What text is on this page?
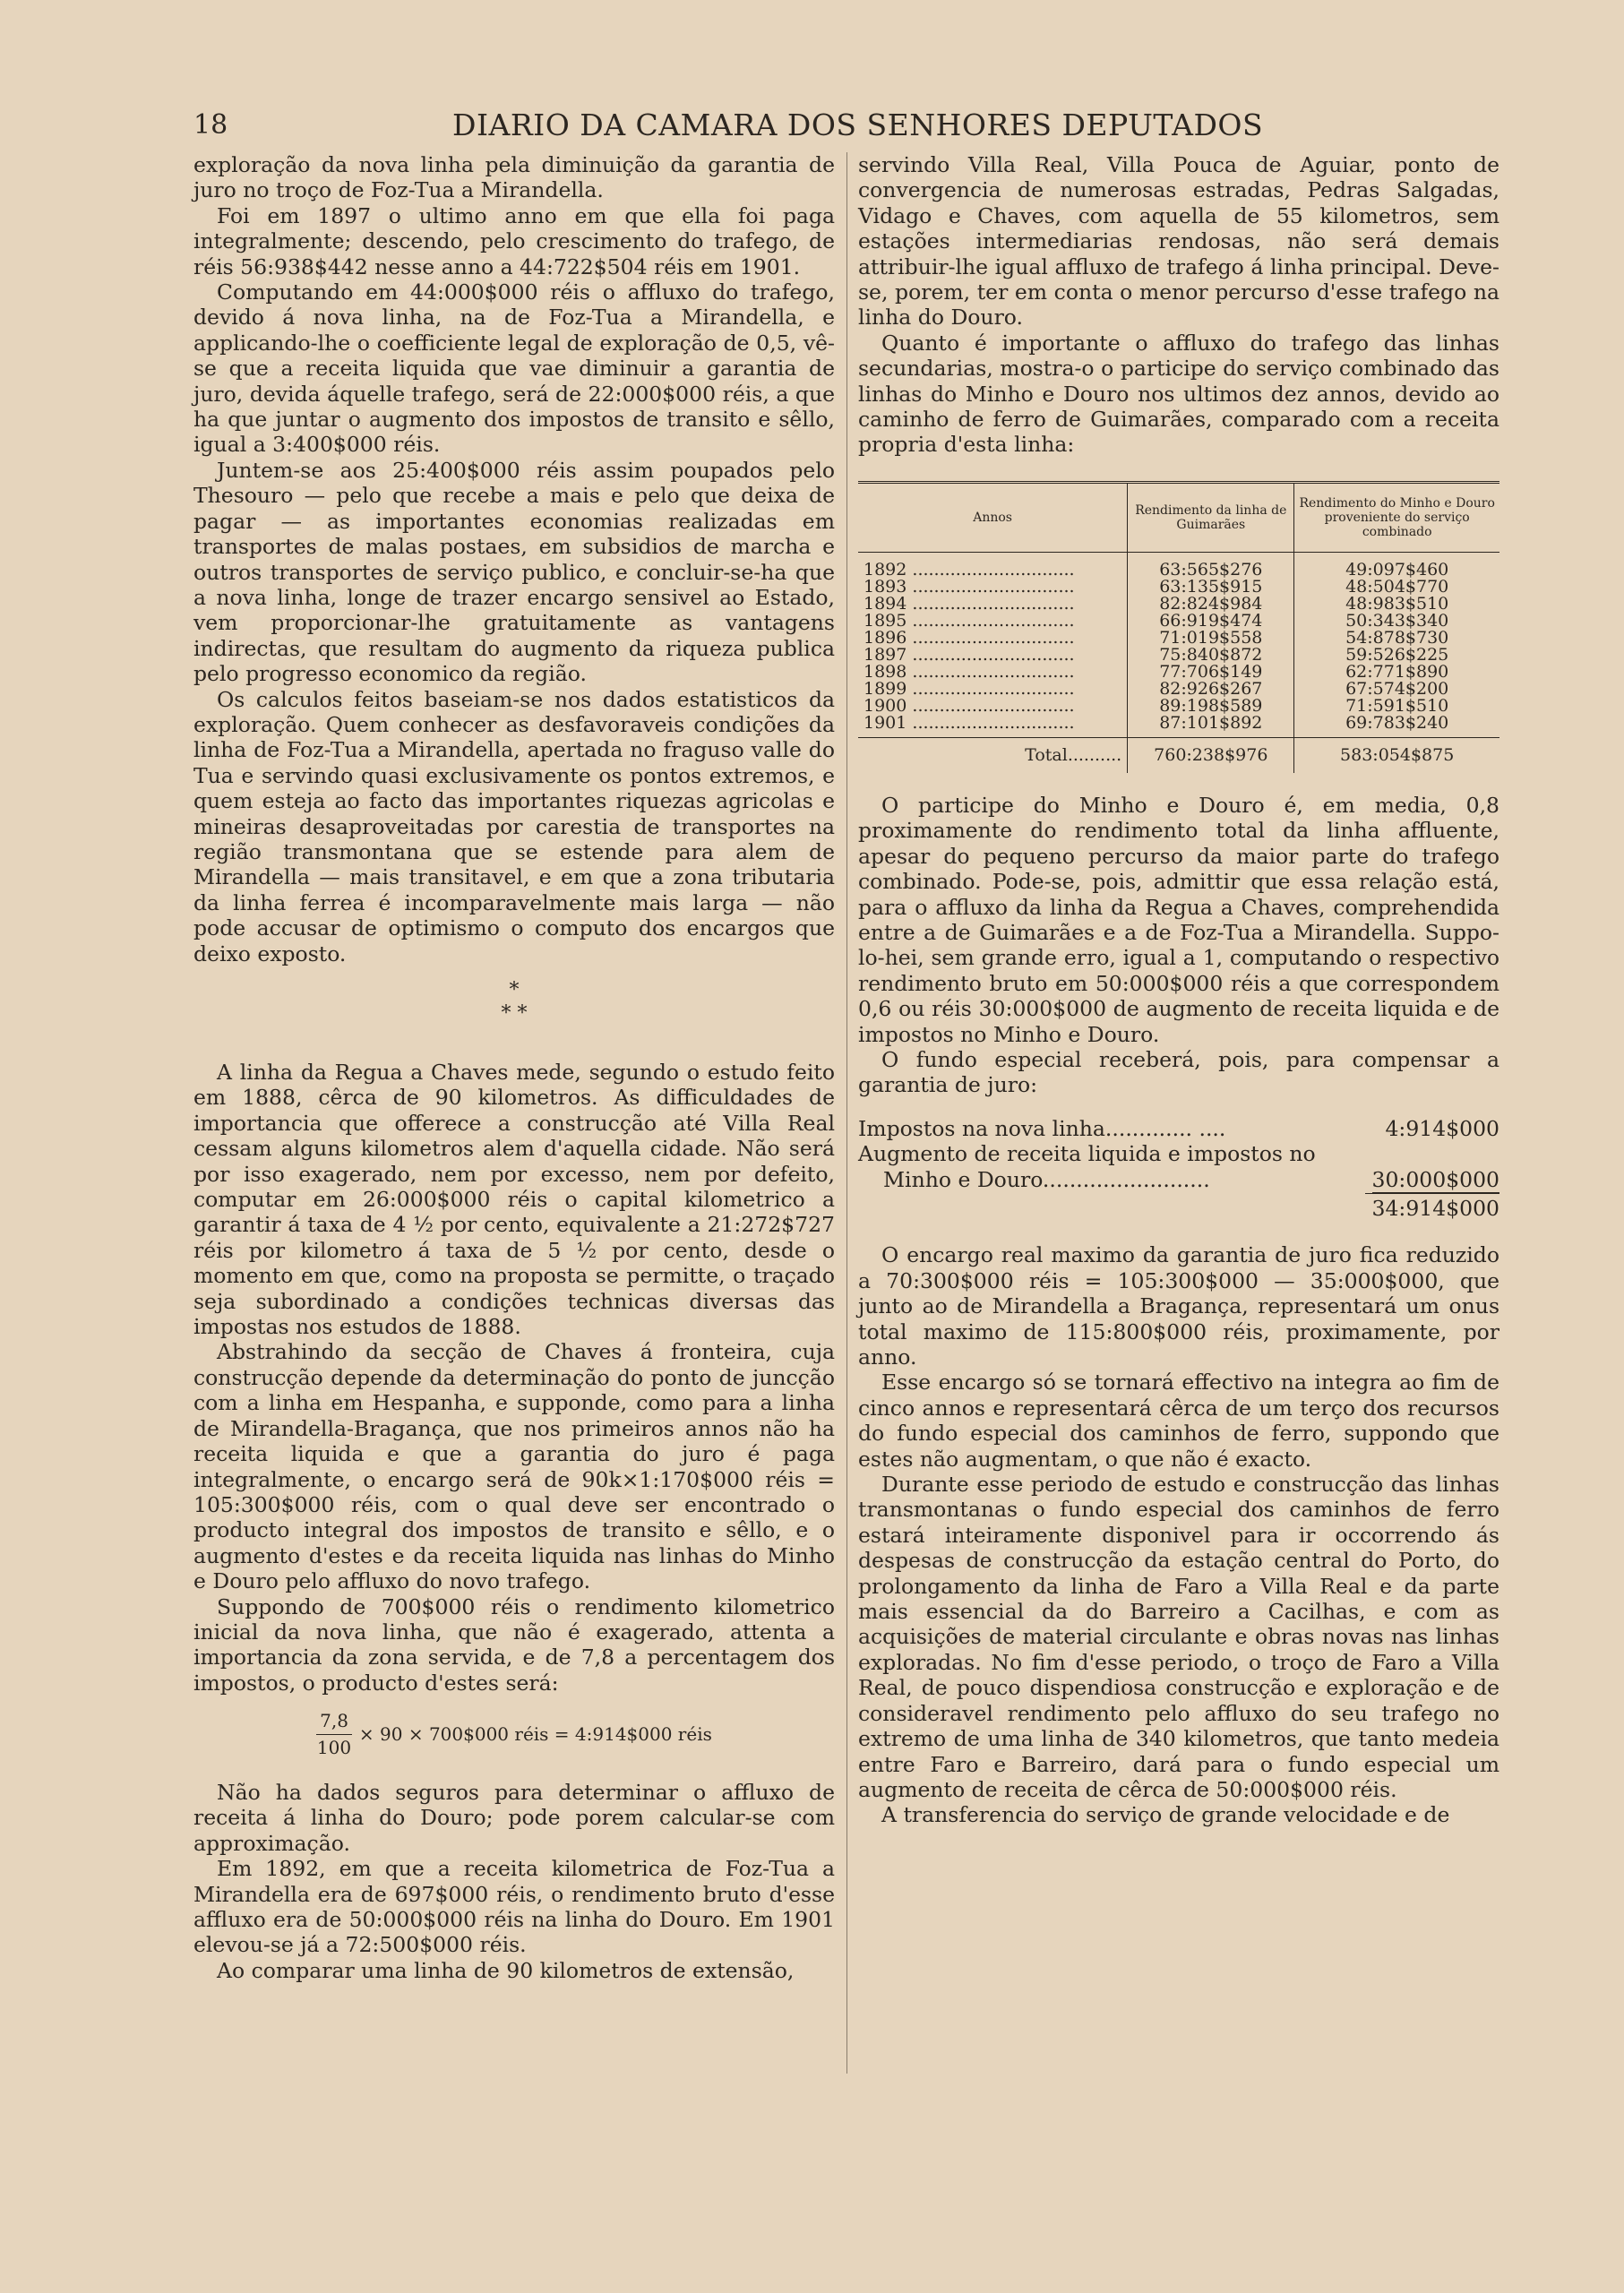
18	DIARIO DA CAMARA DOS SENHORES DEPUTADOS

exploração da nova linha pela diminuição da garantia de juro no troço de Foz-Tua a Mirandella.

Foi em 1897 o ultimo anno em que ella foi paga integralmente; descendo, pelo crescimento do trafego, de réis 56:938$442 nesse anno a 44:722$504 réis em 1901.

Computando em 44:000$000 réis o affluxo do trafego, devido á nova linha, na de Foz-Tua a Mirandella, e applicando-lhe o coefficiente legal de exploração de 0,5, vê-se que a receita liquida que vae diminuir a garantia de juro, devida áquelle trafego, será de 22:000$000 réis, a que ha que juntar o augmento dos impostos de transito e sêllo, igual a 3:400$000 réis.

Juntem-se aos 25:400$000 réis assim poupados pelo Thesouro — pelo que recebe a mais e pelo que deixa de pagar — as importantes economias realizadas em transportes de malas postaes, em subsidios de marcha e outros transportes de serviço publico, e concluir-se-ha que a nova linha, longe de trazer encargo sensivel ao Estado, vem proporcionar-lhe gratuitamente as vantagens indirectas, que resultam do augmento da riqueza publica pelo progresso economico da região.

Os calculos feitos baseiam-se nos dados estatisticos da exploração. Quem conhecer as desfavoraveis condições da linha de Foz-Tua a Mirandella, apertada no fraguso valle do Tua e servindo quasi exclusivamente os pontos extremos, e quem esteja ao facto das importantes riquezas agricolas e mineiras desaproveitadas por carestia de transportes na região transmontana que se estende para alem de Mirandella — mais transitavel, e em que a zona tributaria da linha ferrea é incomparavelmente mais larga — não pode accusar de optimismo o computo dos encargos que deixo exposto.

*
* *

A linha da Regua a Chaves mede, segundo o estudo feito em 1888, cêrca de 90 kilometros. As difficuldades de importancia que offerece a construcção até Villa Real cessam alguns kilometros alem d'aquella cidade. Não será por isso exagerado, nem por excesso, nem por defeito, computar em 26:000$000 réis o capital kilometrico a garantir á taxa de 4 ½ por cento, equivalente a 21:272$727 réis por kilometro á taxa de 5 ½ por cento, desde o momento em que, como na proposta se permitte, o traçado seja subordinado a condições technicas diversas das impostas nos estudos de 1888.

Abstrahindo da secção de Chaves á fronteira, cuja construcção depende da determinação do ponto de juncção com a linha em Hespanha, e supponde, como para a linha de Mirandella-Bragança, que nos primeiros annos não ha receita liquida e que a garantia do juro é paga integralmente, o encargo será de 90k×1:170$000 réis = 105:300$000 réis, com o qual deve ser encontrado o producto integral dos impostos de transito e sêllo, e o augmento d'estes e da receita liquida nas linhas do Minho e Douro pelo affluxo do novo trafego.

Suppondo de 700$000 réis o rendimento kilometrico inicial da nova linha, que não é exagerado, attenta a importancia da zona servida, e de 7,8 a percentagem dos impostos, o producto d'estes será:

$\frac{7,8}{100} \times 90$ × 700$000 réis = 4:914$000 réis

Não ha dados seguros para determinar o affluxo de receita á linha do Douro; pode porem calcular-se com approximação.

Em 1892, em que a receita kilometrica de Foz-Tua a Mirandella era de 697$000 réis, o rendimento bruto d'esse affluxo era de 50:000$000 réis na linha do Douro. Em 1901 elevou-se já a 72:500$000 réis.

Ao comparar uma linha de 90 kilometros de extensão,

servindo Villa Real, Villa Pouca de Aguiar, ponto de convergencia de numerosas estradas, Pedras Salgadas, Vidago e Chaves, com aquella de 55 kilometros, sem estações intermediarias rendosas, não será demais attribuir-lhe igual affluxo de trafego á linha principal. Deve-se, porem, ter em conta o menor percurso d'esse trafego na linha do Douro.

Quanto é importante o affluxo do trafego das linhas secundarias, mostra-o o participe do serviço combinado das linhas do Minho e Douro nos ultimos dez annos, devido ao caminho de ferro de Guimarães, comparado com a receita propria d'esta linha:

Annos	Rendimento da linha de Guimarães	Rendimento do Minho e Douro proveniente do serviço combinado
1892 ..............................	63:565$276	49:097$460
1893 ..............................	63:135$915	48:504$770
1894 ..............................	82:824$984	48:983$510
1895 ..............................	66:919$474	50:343$340
1896 ..............................	71:019$558	54:878$730
1897 ..............................	75:840$872	59:526$225
1898 ..............................	77:706$149	62:771$890
1899 ..............................	82:926$267	67:574$200
1900 ..............................	89:198$589	71:591$510
1901 ..............................	87:101$892	69:783$240
Total..........	760:238$976	583:054$875

O participe do Minho e Douro é, em media, 0,8 proximamente do rendimento total da linha affluente, apesar do pequeno percurso da maior parte do trafego combinado. Pode-se, pois, admittir que essa relação está, para o affluxo da linha da Regua a Chaves, comprehendida entre a de Guimarães e a de Foz-Tua a Mirandella. Suppo-lo-hei, sem grande erro, igual a 1, computando o respectivo rendimento bruto em 50:000$000 réis a que correspondem 0,6 ou réis 30:000$000 de augmento de receita liquida e de impostos no Minho e Douro.

O fundo especial receberá, pois, para compensar a garantia de juro:

Impostos na nova linha............. ....	4:914$000
Augmento de receita liquida e impostos no
Minho e Douro.........................	30:000$000
34:914$000

O encargo real maximo da garantia de juro fica reduzido a 70:300$000 réis = 105:300$000 — 35:000$000, que junto ao de Mirandella a Bragança, representará um onus total maximo de 115:800$000 réis, proximamente, por anno.

Esse encargo só se tornará effectivo na integra ao fim de cinco annos e representará cêrca de um terço dos recursos do fundo especial dos caminhos de ferro, suppondo que estes não augmentam, o que não é exacto.

Durante esse periodo de estudo e construcção das linhas transmontanas o fundo especial dos caminhos de ferro estará inteiramente disponivel para ir occorrendo ás despesas de construcção da estação central do Porto, do prolongamento da linha de Faro a Villa Real e da parte mais essencial da do Barreiro a Cacilhas, e com as acquisições de material circulante e obras novas nas linhas exploradas. No fim d'esse periodo, o troço de Faro a Villa Real, de pouco dispendiosa construcção e exploração e de consideravel rendimento pelo affluxo do seu trafego no extremo de uma linha de 340 kilometros, que tanto medeia entre Faro e Barreiro, dará para o fundo especial um augmento de receita de cêrca de 50:000$000 réis.

A transferencia do serviço de grande velocidade e de
